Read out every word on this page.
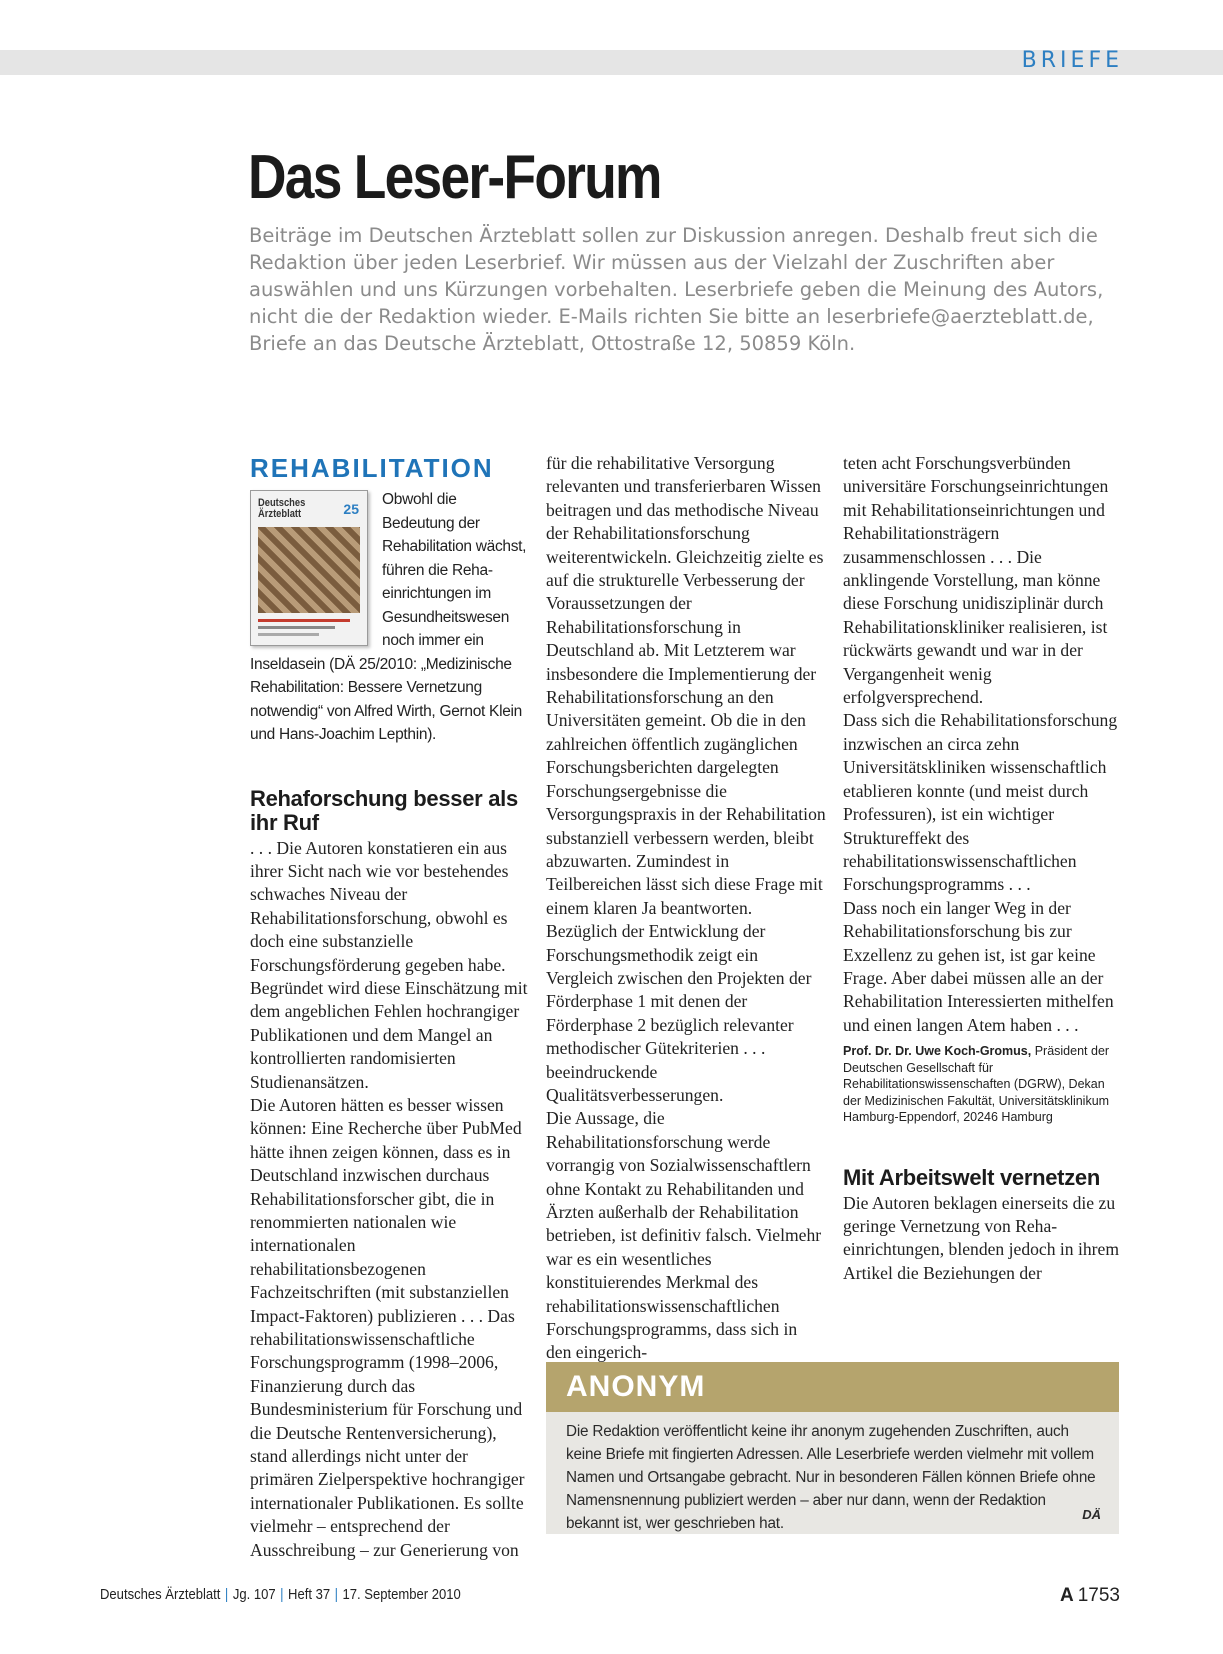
BRIEFE
Das Leser-Forum
Beiträge im Deutschen Ärzteblatt sollen zur Diskussion anregen. Deshalb freut sich die Redaktion über jeden Leserbrief. Wir müssen aus der Vielzahl der Zuschriften aber auswählen und uns Kürzungen vorbehalten. Leserbriefe geben die Meinung des Autors, nicht die der Redaktion wieder. E-Mails richten Sie bitte an leserbriefe@aerzteblatt.de, Briefe an das Deutsche Ärzteblatt, Ottostraße 12, 50859 Köln.
REHABILITATION
Deutsches Ärzteblatt	25

Obwohl die Bedeutung der Rehabilitation wächst, führen die Rehaeinrichtungen im Gesundheitswesen noch immer ein Inseldasein (DÄ 25/2010: „Medizinische Rehabilitation: Bessere Vernetzung notwendig“ von Alfred Wirth, Gernot Klein und Hans-Joachim Lepthin).

Rehaforschung besser als ihr Ruf

. . . Die Autoren konstatieren ein aus ihrer Sicht nach wie vor bestehendes schwaches Niveau der Rehabilitationsforschung, obwohl es doch eine substanzielle Forschungsförderung gegeben habe. Begründet wird diese Einschätzung mit dem angeblichen Fehlen hochrangiger Publikationen und dem Mangel an kontrollierten randomisierten Studienansätzen.

Die Autoren hätten es besser wissen können: Eine Recherche über PubMed hätte ihnen zeigen können, dass es in Deutschland inzwischen durchaus Rehabilitationsforscher gibt, die in renommierten nationalen wie internationalen rehabilitationsbezogenen Fachzeitschriften (mit substanziellen Impact-Faktoren) publizieren . . . Das rehabilitationswissenschaftliche Forschungsprogramm (1998–2006, Finanzierung durch das Bundesministerium für Forschung und die Deutsche Rentenversicherung), stand allerdings nicht unter der primären Zielperspektive hochrangiger internationaler Publikationen. Es sollte vielmehr – entsprechend der Ausschreibung – zur Generierung von

für die rehabilitative Versorgung relevanten und transferierbaren Wissen beitragen und das methodische Niveau der Rehabilitationsforschung weiterentwickeln. Gleichzeitig zielte es auf die strukturelle Verbesserung der Voraussetzungen der Rehabilitationsforschung in Deutschland ab. Mit Letzterem war insbesondere die Implementierung der Rehabilitationsforschung an den Universitäten gemeint. Ob die in den zahlreichen öffentlich zugänglichen Forschungsberichten dargelegten Forschungsergebnisse die Versorgungspraxis in der Rehabilitation substanziell verbessern werden, bleibt abzuwarten. Zumindest in Teilbereichen lässt sich diese Frage mit einem klaren Ja beantworten. Bezüglich der Entwicklung der Forschungsmethodik zeigt ein Vergleich zwischen den Projekten der Förderphase 1 mit denen der Förderphase 2 bezüglich relevanter methodischer Gütekriterien . . . beeindruckende Qualitätsverbesserungen.

Die Aussage, die Rehabilitationsforschung werde vorrangig von Sozialwissenschaftlern ohne Kontakt zu Rehabilitanden und Ärzten außerhalb der Rehabilitation betrieben, ist definitiv falsch. Vielmehr war es ein wesentliches konstituierendes Merkmal des rehabilitationswissenschaftlichen Forschungsprogramms, dass sich in den eingerich-

teten acht Forschungsverbünden universitäre Forschungseinrichtungen mit Rehabilitationseinrichtungen und Rehabilitationsträgern zusammenschlossen . . . Die anklingende Vorstellung, man könne diese Forschung unidisziplinär durch Rehabilitationskliniker realisieren, ist rückwärts gewandt und war in der Vergangenheit wenig erfolgversprechend.

Dass sich die Rehabilitationsforschung inzwischen an circa zehn Universitätskliniken wissenschaftlich etablieren konnte (und meist durch Professuren), ist ein wichtiger Struktureffekt des rehabilitationswissenschaftlichen Forschungsprogramms . . .

Dass noch ein langer Weg in der Rehabilitationsforschung bis zur Exzellenz zu gehen ist, ist gar keine Frage. Aber dabei müssen alle an der Rehabilitation Interessierten mithelfen und einen langen Atem haben . . .

Prof. Dr. Dr. Uwe Koch-Gromus, Präsident der Deutschen Gesellschaft für Rehabilitationswissenschaften (DGRW), Dekan der Medizinischen Fakultät, Universitätsklinikum Hamburg-Eppendorf, 20246 Hamburg

Mit Arbeitswelt vernetzen

Die Autoren beklagen einerseits die zu geringe Vernetzung von Rehaeinrichtungen, blenden jedoch in ihrem Artikel die Beziehungen der

ANONYM
Die Redaktion veröffentlicht keine ihr anonym zugehenden Zuschriften, auch keine Briefe mit fingierten Adressen. Alle Leserbriefe werden vielmehr mit vollem Namen und Ortsangabe gebracht. Nur in besonderen Fällen können Briefe ohne Namensnennung publiziert werden – aber nur dann, wenn der Redaktion bekannt ist, wer geschrieben hat.
DÄ
Deutsches Ärzteblatt | Jg. 107 | Heft 37 | 17. September 2010	A 1753
